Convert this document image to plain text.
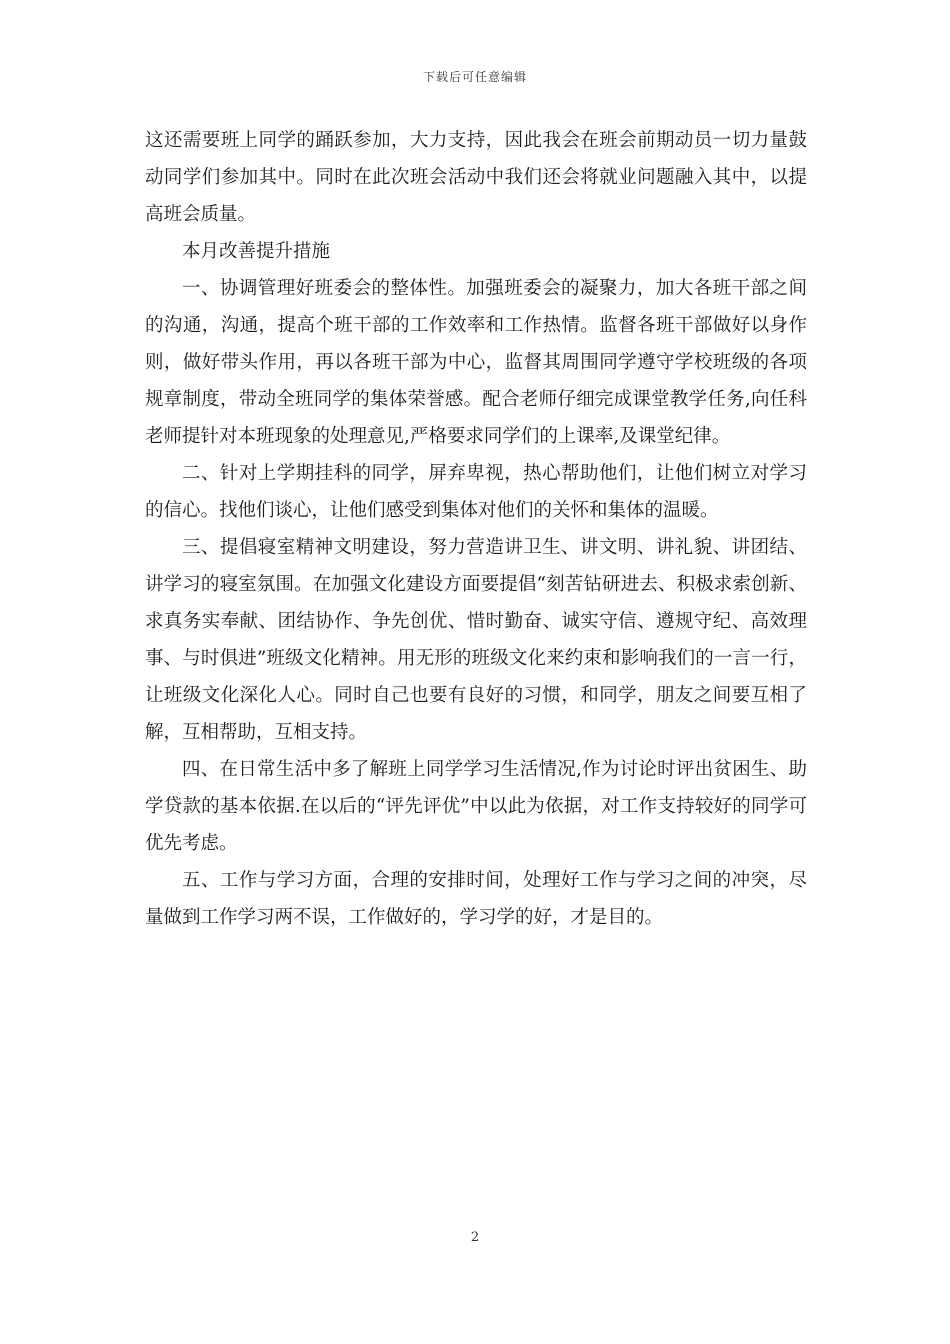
下载后可任意编辑

这还需要班上同学的踊跃参加，大力支持，因此我会在班会前期动员一切力量鼓动同学们参加其中。同时在此次班会活动中我们还会将就业问题融入其中，以提高班会质量。

本月改善提升措施

一、协调管理好班委会的整体性。加强班委会的凝聚力，加大各班干部之间的沟通，沟通，提高个班干部的工作效率和工作热情。监督各班干部做好以身作则，做好带头作用，再以各班干部为中心，监督其周围同学遵守学校班级的各项规章制度，带动全班同学的集体荣誉感。配合老师仔细完成课堂教学任务,向任科老师提针对本班现象的处理意见,严格要求同学们的上课率,及课堂纪律。

二、针对上学期挂科的同学，屏弃卑视，热心帮助他们，让他们树立对学习的信心。找他们谈心，让他们感受到集体对他们的关怀和集体的温暖。

三、提倡寝室精神文明建设，努力营造讲卫生、讲文明、讲礼貌、讲团结、讲学习的寝室氛围。在加强文化建设方面要提倡“刻苦钻研进去、积极求索创新、求真务实奉献、团结协作、争先创优、惜时勤奋、诚实守信、遵规守纪、高效理事、与时俱进”班级文化精神。用无形的班级文化来约束和影响我们的一言一行，让班级文化深化人心。同时自己也要有良好的习惯，和同学，朋友之间要互相了解，互相帮助，互相支持。

四、在日常生活中多了解班上同学学习生活情况,作为讨论时评出贫困生、助学贷款的基本依据.在以后的“评先评优”中以此为依据，对工作支持较好的同学可优先考虑。

五、工作与学习方面，合理的安排时间，处理好工作与学习之间的冲突，尽量做到工作学习两不误，工作做好的，学习学的好，才是目的。

2
